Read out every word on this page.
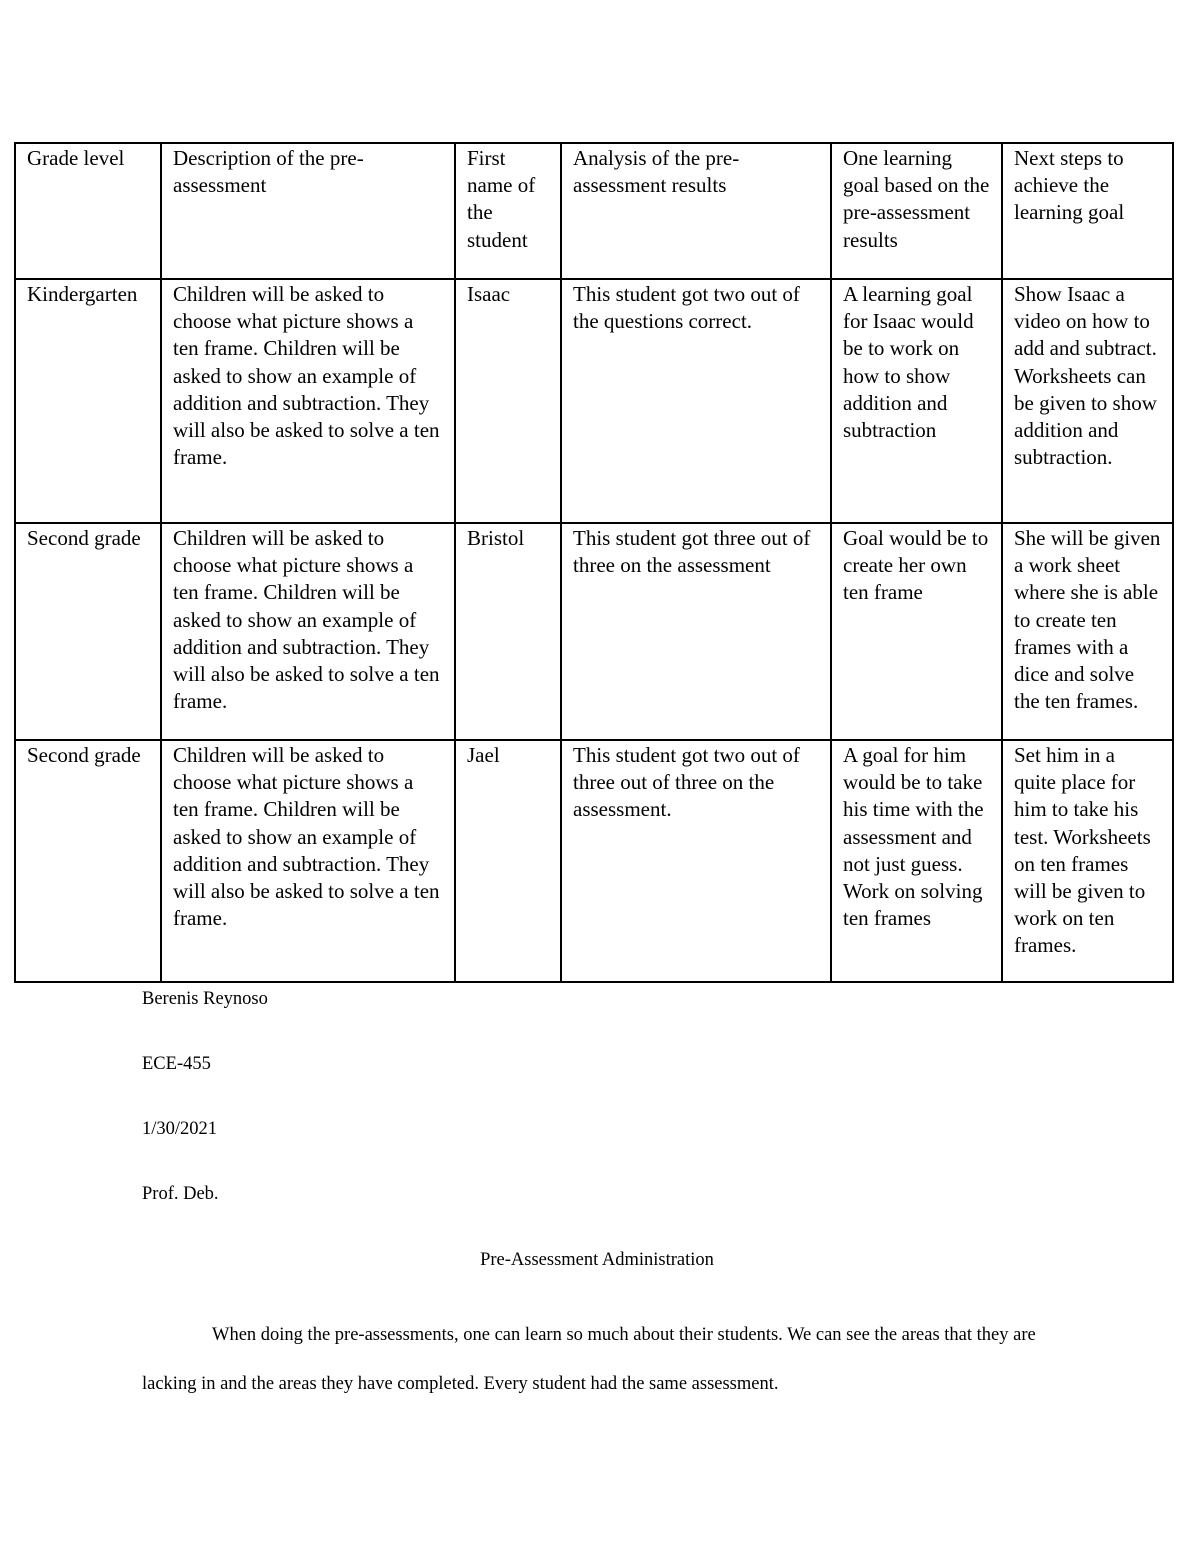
Grade level	Description of the pre-assessment	First name of the student	Analysis of the pre-assessment results	One learning goal based on the pre-assessment results	Next steps to achieve the learning goal
Kindergarten	Children will be asked to choose what picture shows a ten frame. Children will be asked to show an example of addition and subtraction. They will also be asked to solve a ten frame.	Isaac	This student got two out of the questions correct.	A learning goal for Isaac would be to work on how to show addition and subtraction	Show Isaac a video on how to add and subtract. Worksheets can be given to show addition and subtraction.
Second grade	Children will be asked to choose what picture shows a ten frame. Children will be asked to show an example of addition and subtraction. They will also be asked to solve a ten frame.	Bristol	This student got three out of three on the assessment	Goal would be to create her own ten frame	She will be given a work sheet where she is able to create ten frames with a dice and solve the ten frames.
Second grade	Children will be asked to choose what picture shows a ten frame. Children will be asked to show an example of addition and subtraction. They will also be asked to solve a ten frame.	Jael	This student got two out of three out of three on the assessment.	A goal for him would be to take his time with the assessment and not just guess. Work on solving ten frames	Set him in a quite place for him to take his test. Worksheets on ten frames will be given to work on ten frames.
Berenis Reynoso
ECE-455
1/30/2021
Prof. Deb.
Pre-Assessment Administration
When doing the pre-assessments, one can learn so much about their students. We can see the areas that they are lacking in and the areas they have completed. Every student had the same assessment.
